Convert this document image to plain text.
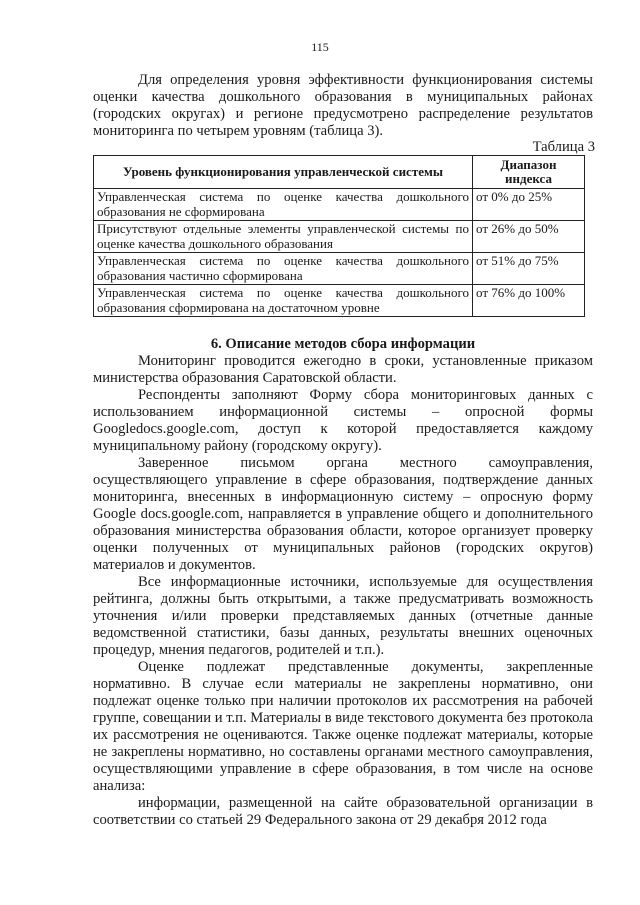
115

Для определения уровня эффективности функционирования системы оценки качества дошкольного образования в муниципальных районах (городских округах) и регионе предусмотрено распределение результатов мониторинга по четырем уровням (таблица 3).

Таблица 3
Уровень функционирования управленческой системы	Диапазон индекса
Управленческая система по оценке качества дошкольного образования не сформирована	от 0% до 25%
Присутствуют отдельные элементы управленческой системы по оценке качества дошкольного образования	от 26% до 50%
Управленческая система по оценке качества дошкольного образования частично сформирована	от 51% до 75%
Управленческая система по оценке качества дошкольного образования сформирована на достаточном уровне	от 76% до 100%
6. Описание методов сбора информации

Мониторинг проводится ежегодно в сроки, установленные приказом министерства образования Саратовской области.

Респонденты заполняют Форму сбора мониторинговых данных с использованием информационной системы – опросной формы Googledocs.google.com, доступ к которой предоставляется каждому муниципальному району (городскому округу).

Заверенное письмом органа местного самоуправления, осуществляющего управление в сфере образования, подтверждение данных мониторинга, внесенных в информационную систему – опросную форму Google docs.google.com, направляется в управление общего и дополнительного образования министерства образования области, которое организует проверку оценки полученных от муниципальных районов (городских округов) материалов и документов.

Все информационные источники, используемые для осуществления рейтинга, должны быть открытыми, а также предусматривать возможность уточнения и/или проверки представляемых данных (отчетные данные ведомственной статистики, базы данных, результаты внешних оценочных процедур, мнения педагогов, родителей и т.п.).

Оценке подлежат представленные документы, закрепленные нормативно. В случае если материалы не закреплены нормативно, они подлежат оценке только при наличии протоколов их рассмотрения на рабочей группе, совещании и т.п. Материалы в виде текстового документа без протокола их рассмотрения не оцениваются. Также оценке подлежат материалы, которые не закреплены нормативно, но составлены органами местного самоуправления, осуществляющими управление в сфере образования, в том числе на основе анализа:

информации, размещенной на сайте образовательной организации в соответствии со статьей 29 Федерального закона от 29 декабря 2012 года
